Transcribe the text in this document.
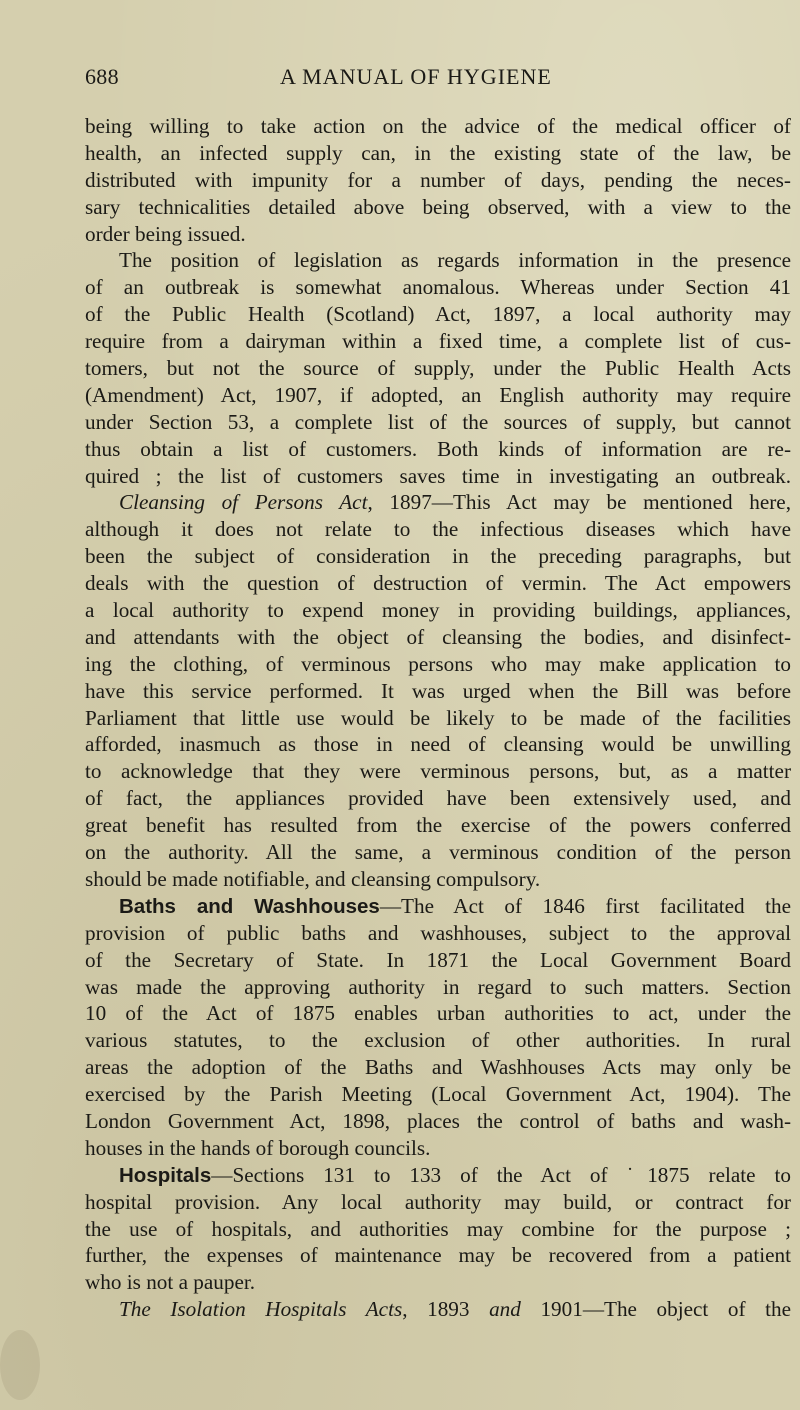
688	A MANUAL OF HYGIENE
being willing to take action on the advice of the medical officer of
health, an infected supply can, in the existing state of the law, be
distributed with impunity for a number of days, pending the neces-
sary technicalities detailed above being observed, with a view to the
order being issued.
The position of legislation as regards information in the presence
of an outbreak is somewhat anomalous. Whereas under Section 41
of the Public Health (Scotland) Act, 1897, a local authority may
require from a dairyman within a fixed time, a complete list of cus-
tomers, but not the source of supply, under the Public Health Acts
(Amendment) Act, 1907, if adopted, an English authority may require
under Section 53, a complete list of the sources of supply, but cannot
thus obtain a list of customers. Both kinds of information are re-
quired ; the list of customers saves time in investigating an outbreak.
Cleansing of Persons Act, 1897—This Act may be mentioned here,
although it does not relate to the infectious diseases which have
been the subject of consideration in the preceding paragraphs, but
deals with the question of destruction of vermin. The Act empowers
a local authority to expend money in providing buildings, appliances,
and attendants with the object of cleansing the bodies, and disinfect-
ing the clothing, of verminous persons who may make application to
have this service performed. It was urged when the Bill was before
Parliament that little use would be likely to be made of the facilities
afforded, inasmuch as those in need of cleansing would be unwilling
to acknowledge that they were verminous persons, but, as a matter
of fact, the appliances provided have been extensively used, and
great benefit has resulted from the exercise of the powers conferred
on the authority. All the same, a verminous condition of the person
should be made notifiable, and cleansing compulsory.
Baths and Washhouses—The Act of 1846 first facilitated the
provision of public baths and washhouses, subject to the approval
of the Secretary of State. In 1871 the Local Government Board
was made the approving authority in regard to such matters. Section
10 of the Act of 1875 enables urban authorities to act, under the
various statutes, to the exclusion of other authorities. In rural
areas the adoption of the Baths and Washhouses Acts may only be
exercised by the Parish Meeting (Local Government Act, 1904). The
London Government Act, 1898, places the control of baths and wash-
houses in the hands of borough councils.
Hospitals—Sections 131 to 133 of the Act of ˙1875 relate to
hospital provision. Any local authority may build, or contract for
the use of hospitals, and authorities may combine for the purpose ;
further, the expenses of maintenance may be recovered from a patient
who is not a pauper.
The Isolation Hospitals Acts, 1893 and 1901—The object of the
